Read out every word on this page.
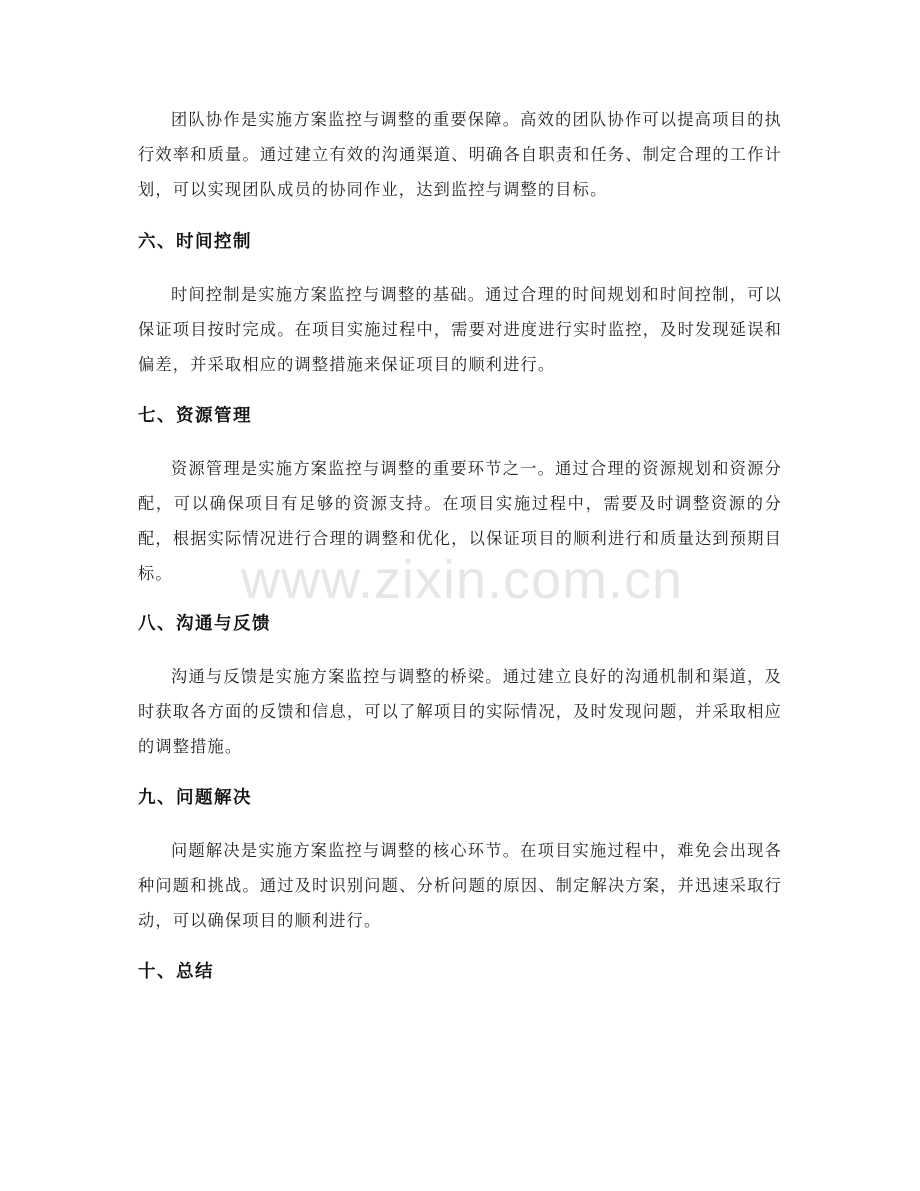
团队协作是实施方案监控与调整的重要保障。高效的团队协作可以提高项目的执行效率和质量。通过建立有效的沟通渠道、明确各自职责和任务、制定合理的工作计划，可以实现团队成员的协同作业，达到监控与调整的目标。

六、时间控制

时间控制是实施方案监控与调整的基础。通过合理的时间规划和时间控制，可以保证项目按时完成。在项目实施过程中，需要对进度进行实时监控，及时发现延误和偏差，并采取相应的调整措施来保证项目的顺利进行。

七、资源管理

资源管理是实施方案监控与调整的重要环节之一。通过合理的资源规划和资源分配，可以确保项目有足够的资源支持。在项目实施过程中，需要及时调整资源的分配，根据实际情况进行合理的调整和优化，以保证项目的顺利进行和质量达到预期目标。

八、沟通与反馈

沟通与反馈是实施方案监控与调整的桥梁。通过建立良好的沟通机制和渠道，及时获取各方面的反馈和信息，可以了解项目的实际情况，及时发现问题，并采取相应的调整措施。

九、问题解决

问题解决是实施方案监控与调整的核心环节。在项目实施过程中，难免会出现各种问题和挑战。通过及时识别问题、分析问题的原因、制定解决方案，并迅速采取行动，可以确保项目的顺利进行。

十、总结
www.zixin.com.cn
